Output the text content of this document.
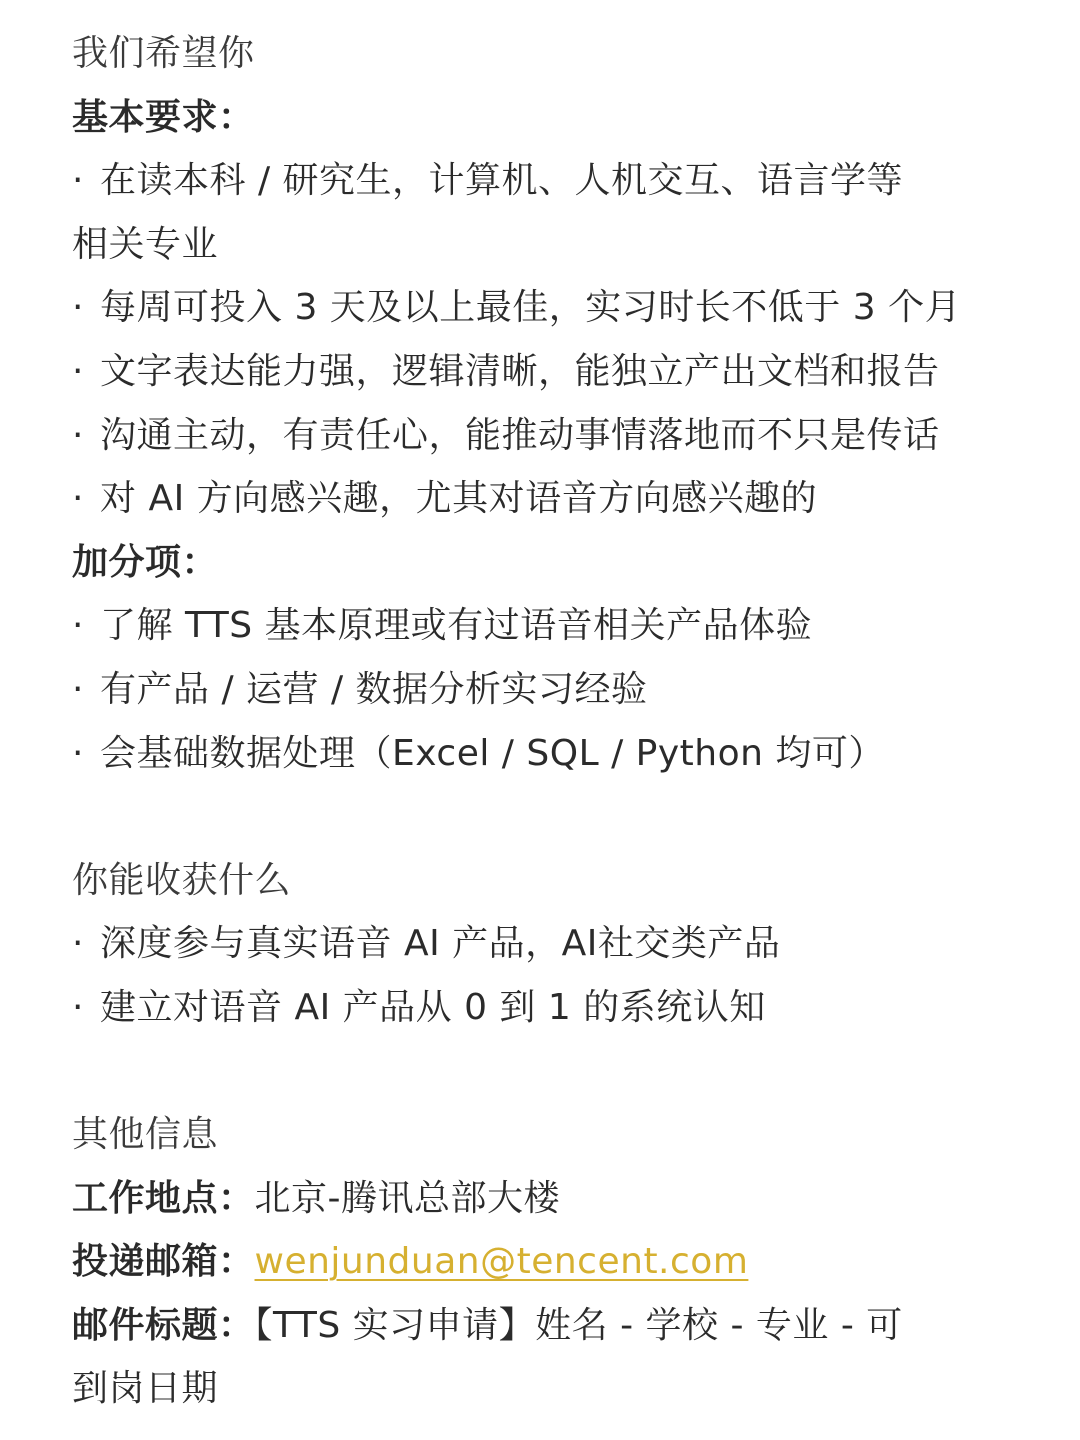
我们希望你
基本要求：
· 在读本科 / 研究生，计算机、人机交互、语言学等
相关专业
· 每周可投入 3 天及以上最佳，实习时长不低于 3 个月
· 文字表达能力强，逻辑清晰，能独立产出文档和报告
· 沟通主动，有责任心，能推动事情落地而不只是传话
· 对 AI 方向感兴趣，尤其对语音方向感兴趣的
加分项：
· 了解 TTS 基本原理或有过语音相关产品体验
· 有产品 / 运营 / 数据分析实习经验
· 会基础数据处理（Excel / SQL / Python 均可）
你能收获什么
· 深度参与真实语音 AI 产品，AI社交类产品
· 建立对语音 AI 产品从 0 到 1 的系统认知
其他信息
工作地点：北京-腾讯总部大楼
投递邮箱：wenjunduan@tencent.com
邮件标题：【TTS 实习申请】姓名 - 学校 - 专业 - 可
到岗日期
